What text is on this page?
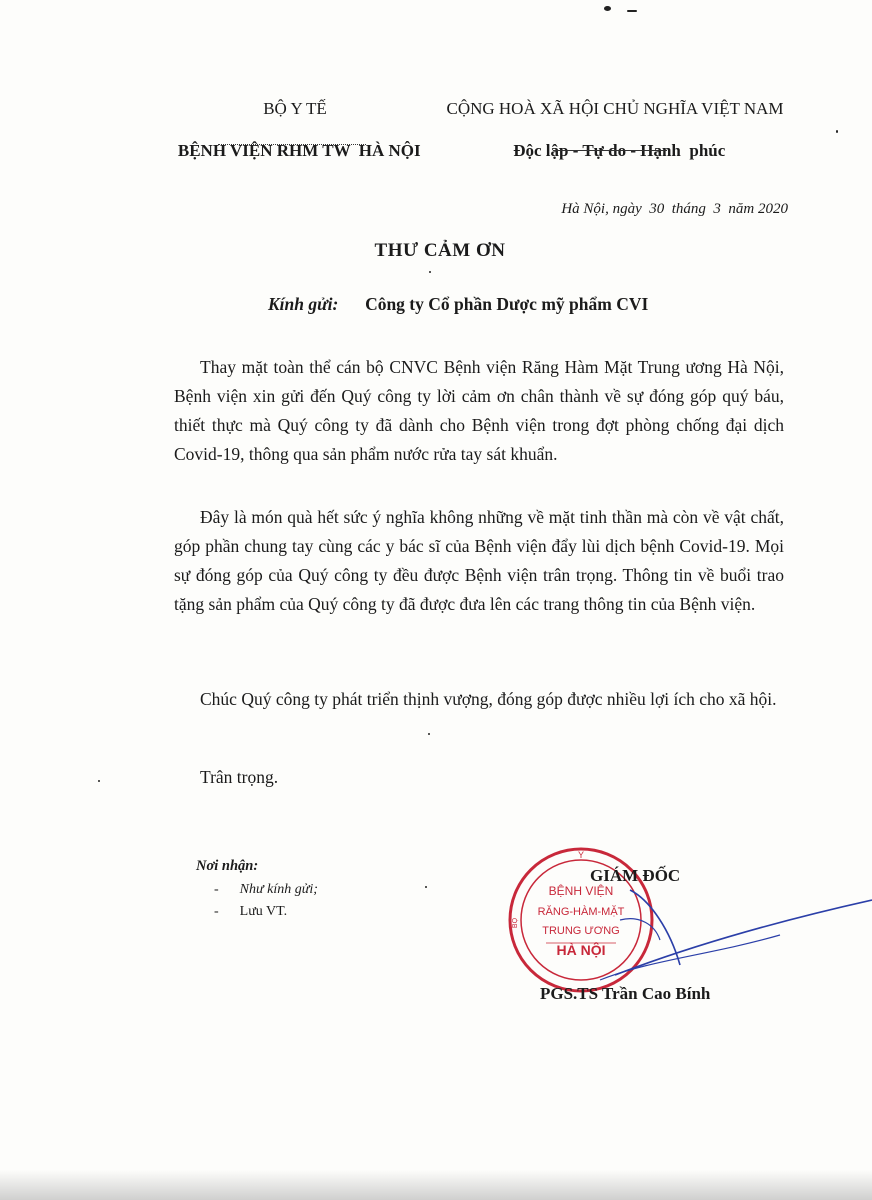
BỘ Y TẾ

BỆNH VIỆN RHM TW  HÀ NỘI

CỘNG HOÀ XÃ HỘI CHỦ NGHĨA VIỆT NAM

Độc lập - Tự do - Hạnh  phúc

Hà Nội, ngày  30  tháng  3  năm 2020

THƯ CẢM ƠN
Kính gửi: Công ty Cổ phần Dược mỹ phẩm CVI
Thay mặt toàn thể cán bộ CNVC Bệnh viện Răng Hàm Mặt Trung ương Hà Nội, Bệnh viện xin gửi đến Quý công ty lời cảm ơn chân thành về sự đóng góp quý báu, thiết thực mà Quý công ty đã dành cho Bệnh viện trong đợt phòng chống đại dịch Covid-19, thông qua sản phẩm nước rửa tay sát khuẩn.
Đây là món quà hết sức ý nghĩa không những về mặt tinh thần mà còn về vật chất, góp phần chung tay cùng các y bác sĩ của Bệnh viện đẩy lùi dịch bệnh Covid-19. Mọi sự đóng góp của Quý công ty đều được Bệnh viện trân trọng. Thông tin về buổi trao tặng sản phẩm của Quý công ty đã được đưa lên các trang thông tin của Bệnh viện.
Chúc Quý công ty phát triển thịnh vượng, đóng góp được nhiều lợi ích cho xã hội.
Trân trọng.
Nơi nhận:
- Như kính gửi;
- Lưu VT.
Y
BỘ
BỆNH VIỆN
RĂNG-HÀM-MẶT
TRUNG ƯƠNG
HÀ NỘI
GIÁM ĐỐC
PGS.TS Trần Cao Bính
